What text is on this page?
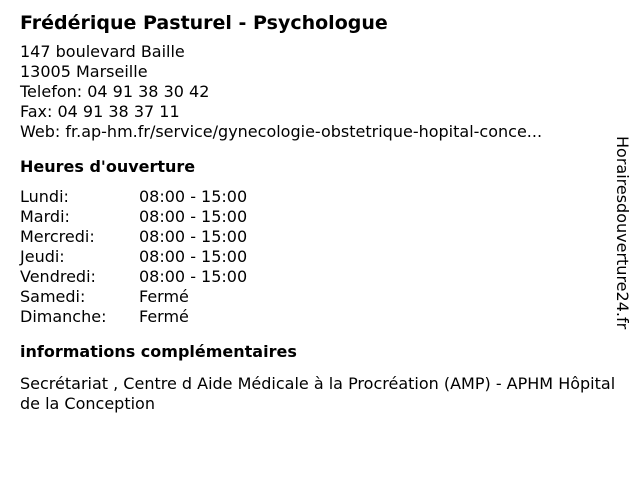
Frédérique Pasturel - Psychologue
147 boulevard Baille
13005 Marseille
Telefon: 04 91 38 30 42
Fax: 04 91 38 37 11
Web: fr.ap-hm.fr/service/gynecologie-obstetrique-hopital-conce...
Heures d'ouverture
Lundi:	08:00 - 15:00
Mardi:	08:00 - 15:00
Mercredi:	08:00 - 15:00
Jeudi:	08:00 - 15:00
Vendredi:	08:00 - 15:00
Samedi:	Fermé
Dimanche: Fermé
informations complémentaires
Secrétariat , Centre d Aide Médicale à la Procréation (AMP) - APHM Hôpital de la Conception
Horairesdouverture24.fr
